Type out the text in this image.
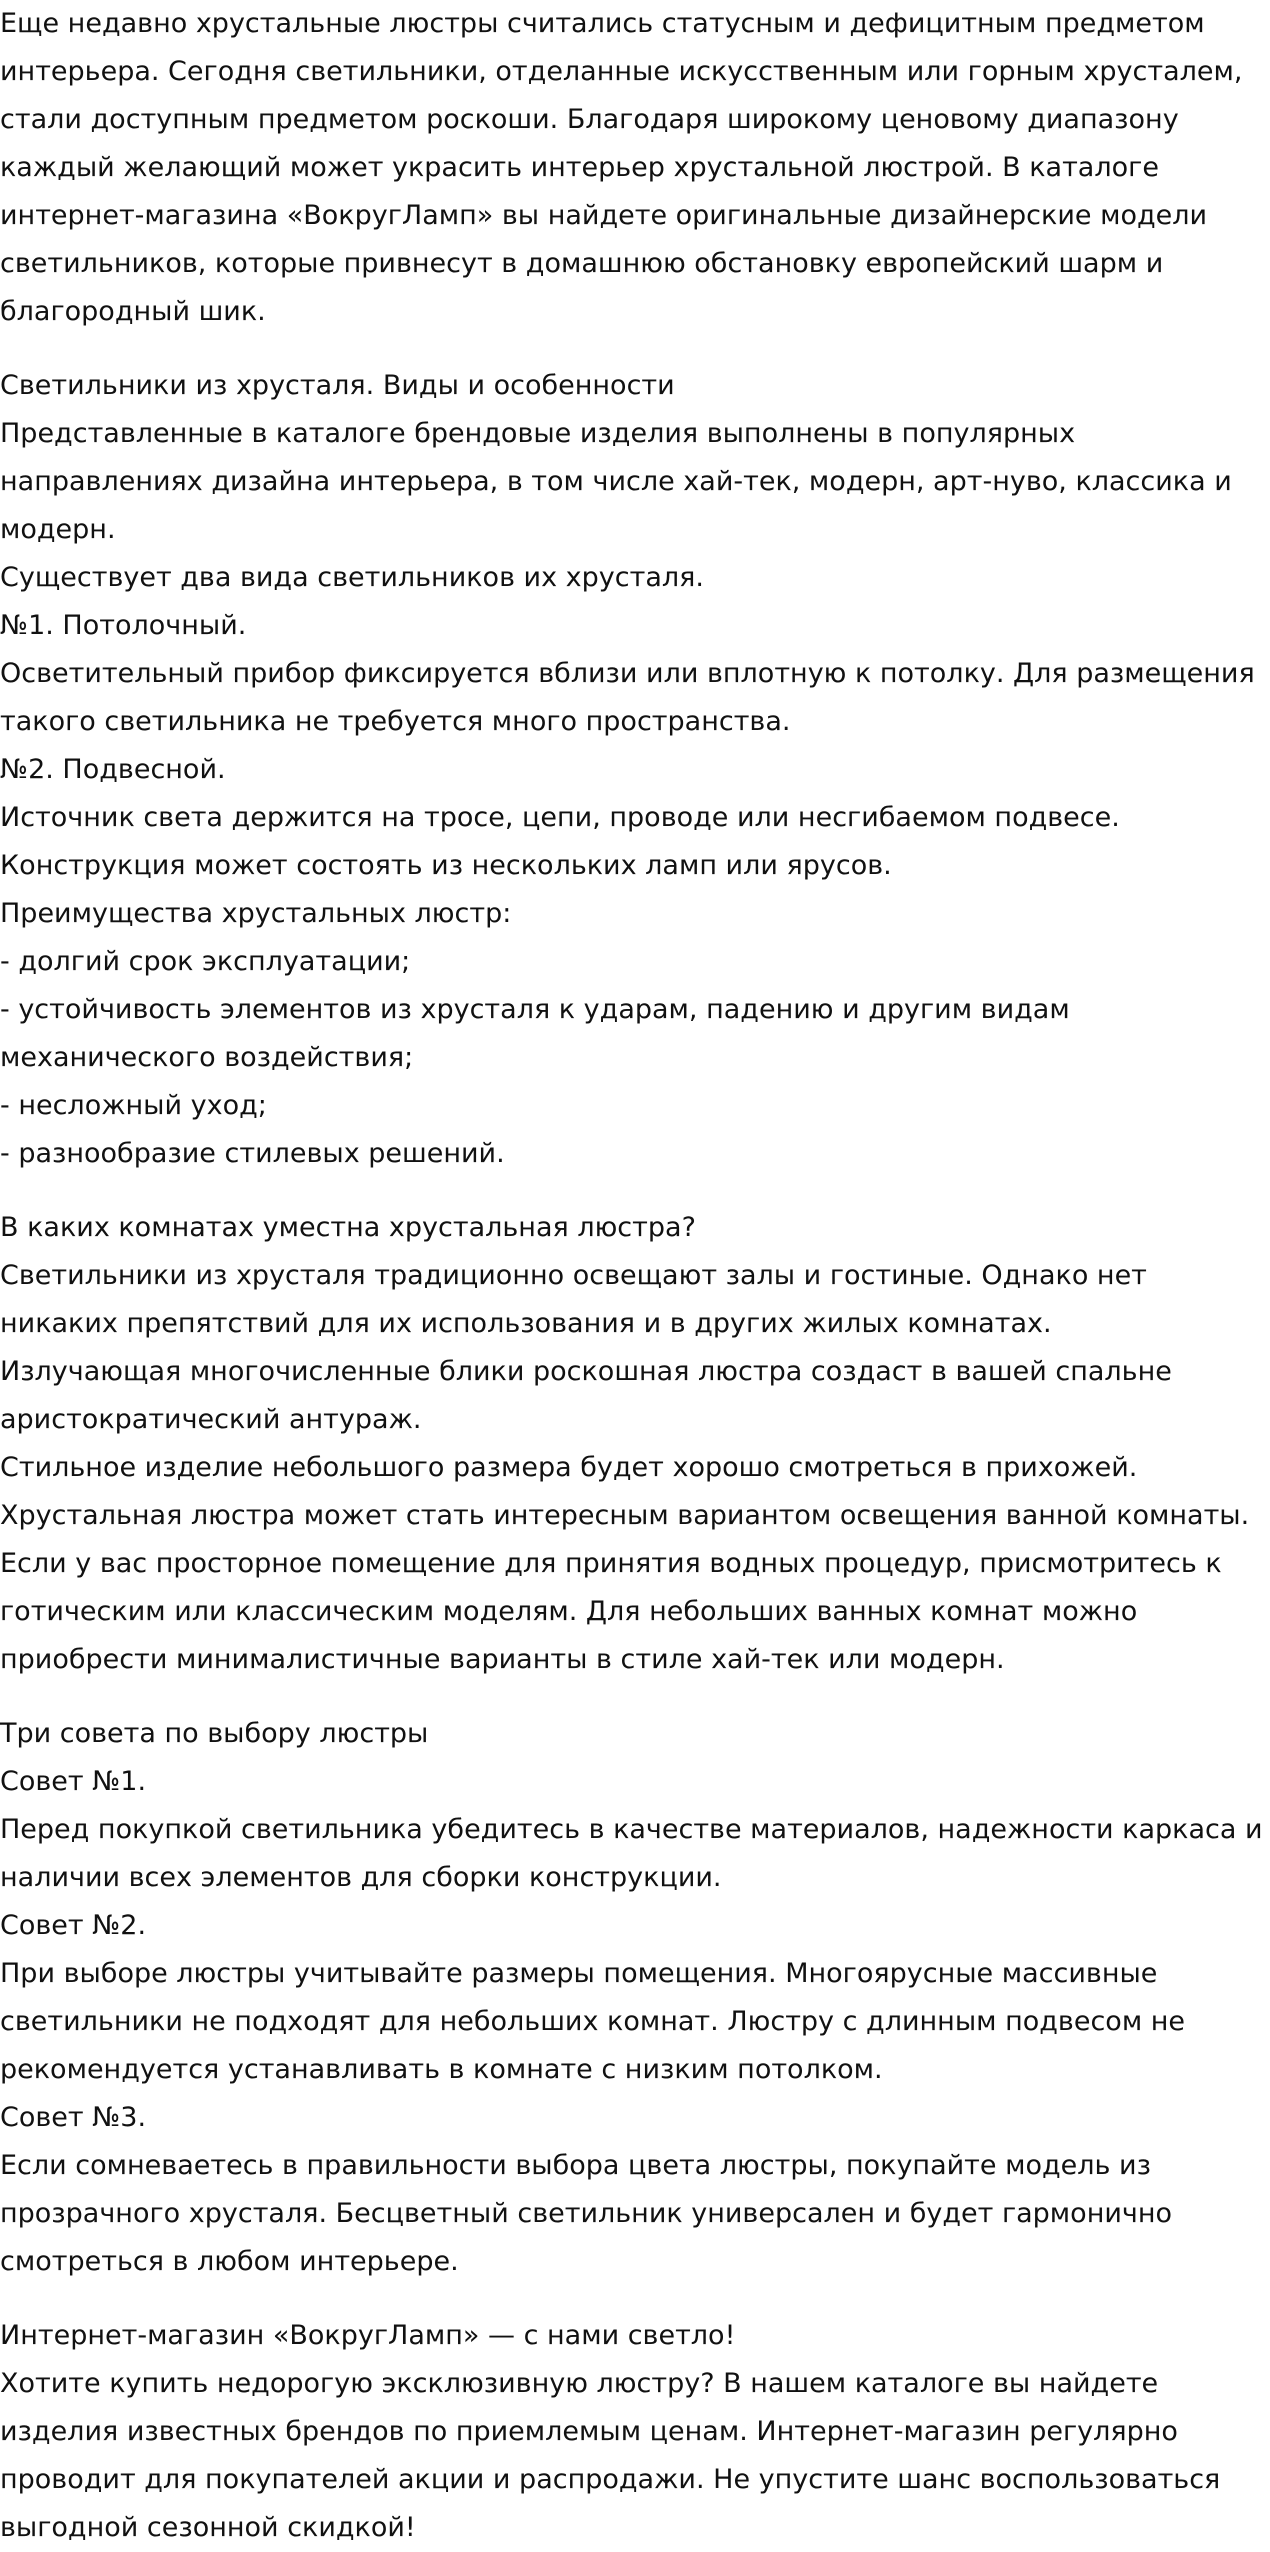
Еще недавно хрустальные люстры считались статусным и дефицитным предметом интерьера. Сегодня светильники, отделанные искусственным или горным хрусталем, стали доступным предметом роскоши. Благодаря широкому ценовому диапазону каждый желающий может украсить интерьер хрустальной люстрой. В каталоге интернет-магазина «ВокругЛамп» вы найдете оригинальные дизайнерские модели светильников, которые привнесут в домашнюю обстановку европейский шарм и благородный шик.

Светильники из хрусталя. Виды и особенности

Представленные в каталоге брендовые изделия выполнены в популярных направлениях дизайна интерьера, в том числе хай-тек, модерн, арт-нуво, классика и модерн.

Существует два вида светильников их хрусталя.

№1. Потолочный.

Осветительный прибор фиксируется вблизи или вплотную к потолку. Для размещения такого светильника не требуется много пространства.

№2. Подвесной.

Источник света держится на тросе, цепи, проводе или несгибаемом подвесе. Конструкция может состоять из нескольких ламп или ярусов.

Преимущества хрустальных люстр:

- долгий срок эксплуатации;

- устойчивость элементов из хрусталя к ударам, падению и другим видам механического воздействия;

- несложный уход;

- разнообразие стилевых решений.

В каких комнатах уместна хрустальная люстра?

Светильники из хрусталя традиционно освещают залы и гостиные. Однако нет никаких препятствий для их использования и в других жилых комнатах.

Излучающая многочисленные блики роскошная люстра создаст в вашей спальне аристократический антураж.

Стильное изделие небольшого размера будет хорошо смотреться в прихожей.

Хрустальная люстра может стать интересным вариантом освещения ванной комнаты. Если у вас просторное помещение для принятия водных процедур, присмотритесь к готическим или классическим моделям. Для небольших ванных комнат можно приобрести минималистичные варианты в стиле хай-тек или модерн.

Три совета по выбору люстры

Совет №1.

Перед покупкой светильника убедитесь в качестве материалов, надежности каркаса и наличии всех элементов для сборки конструкции.

Совет №2.

При выборе люстры учитывайте размеры помещения. Многоярусные массивные светильники не подходят для небольших комнат. Люстру с длинным подвесом не рекомендуется устанавливать в комнате с низким потолком.

Совет №3.

Если сомневаетесь в правильности выбора цвета люстры, покупайте модель из прозрачного хрусталя. Бесцветный светильник универсален и будет гармонично смотреться в любом интерьере.

Интернет-магазин «ВокругЛамп» — с нами светло!

Хотите купить недорогую эксклюзивную люстру? В нашем каталоге вы найдете изделия известных брендов по приемлемым ценам. Интернет-магазин регулярно проводит для покупателей акции и распродажи. Не упустите шанс воспользоваться выгодной сезонной скидкой!
